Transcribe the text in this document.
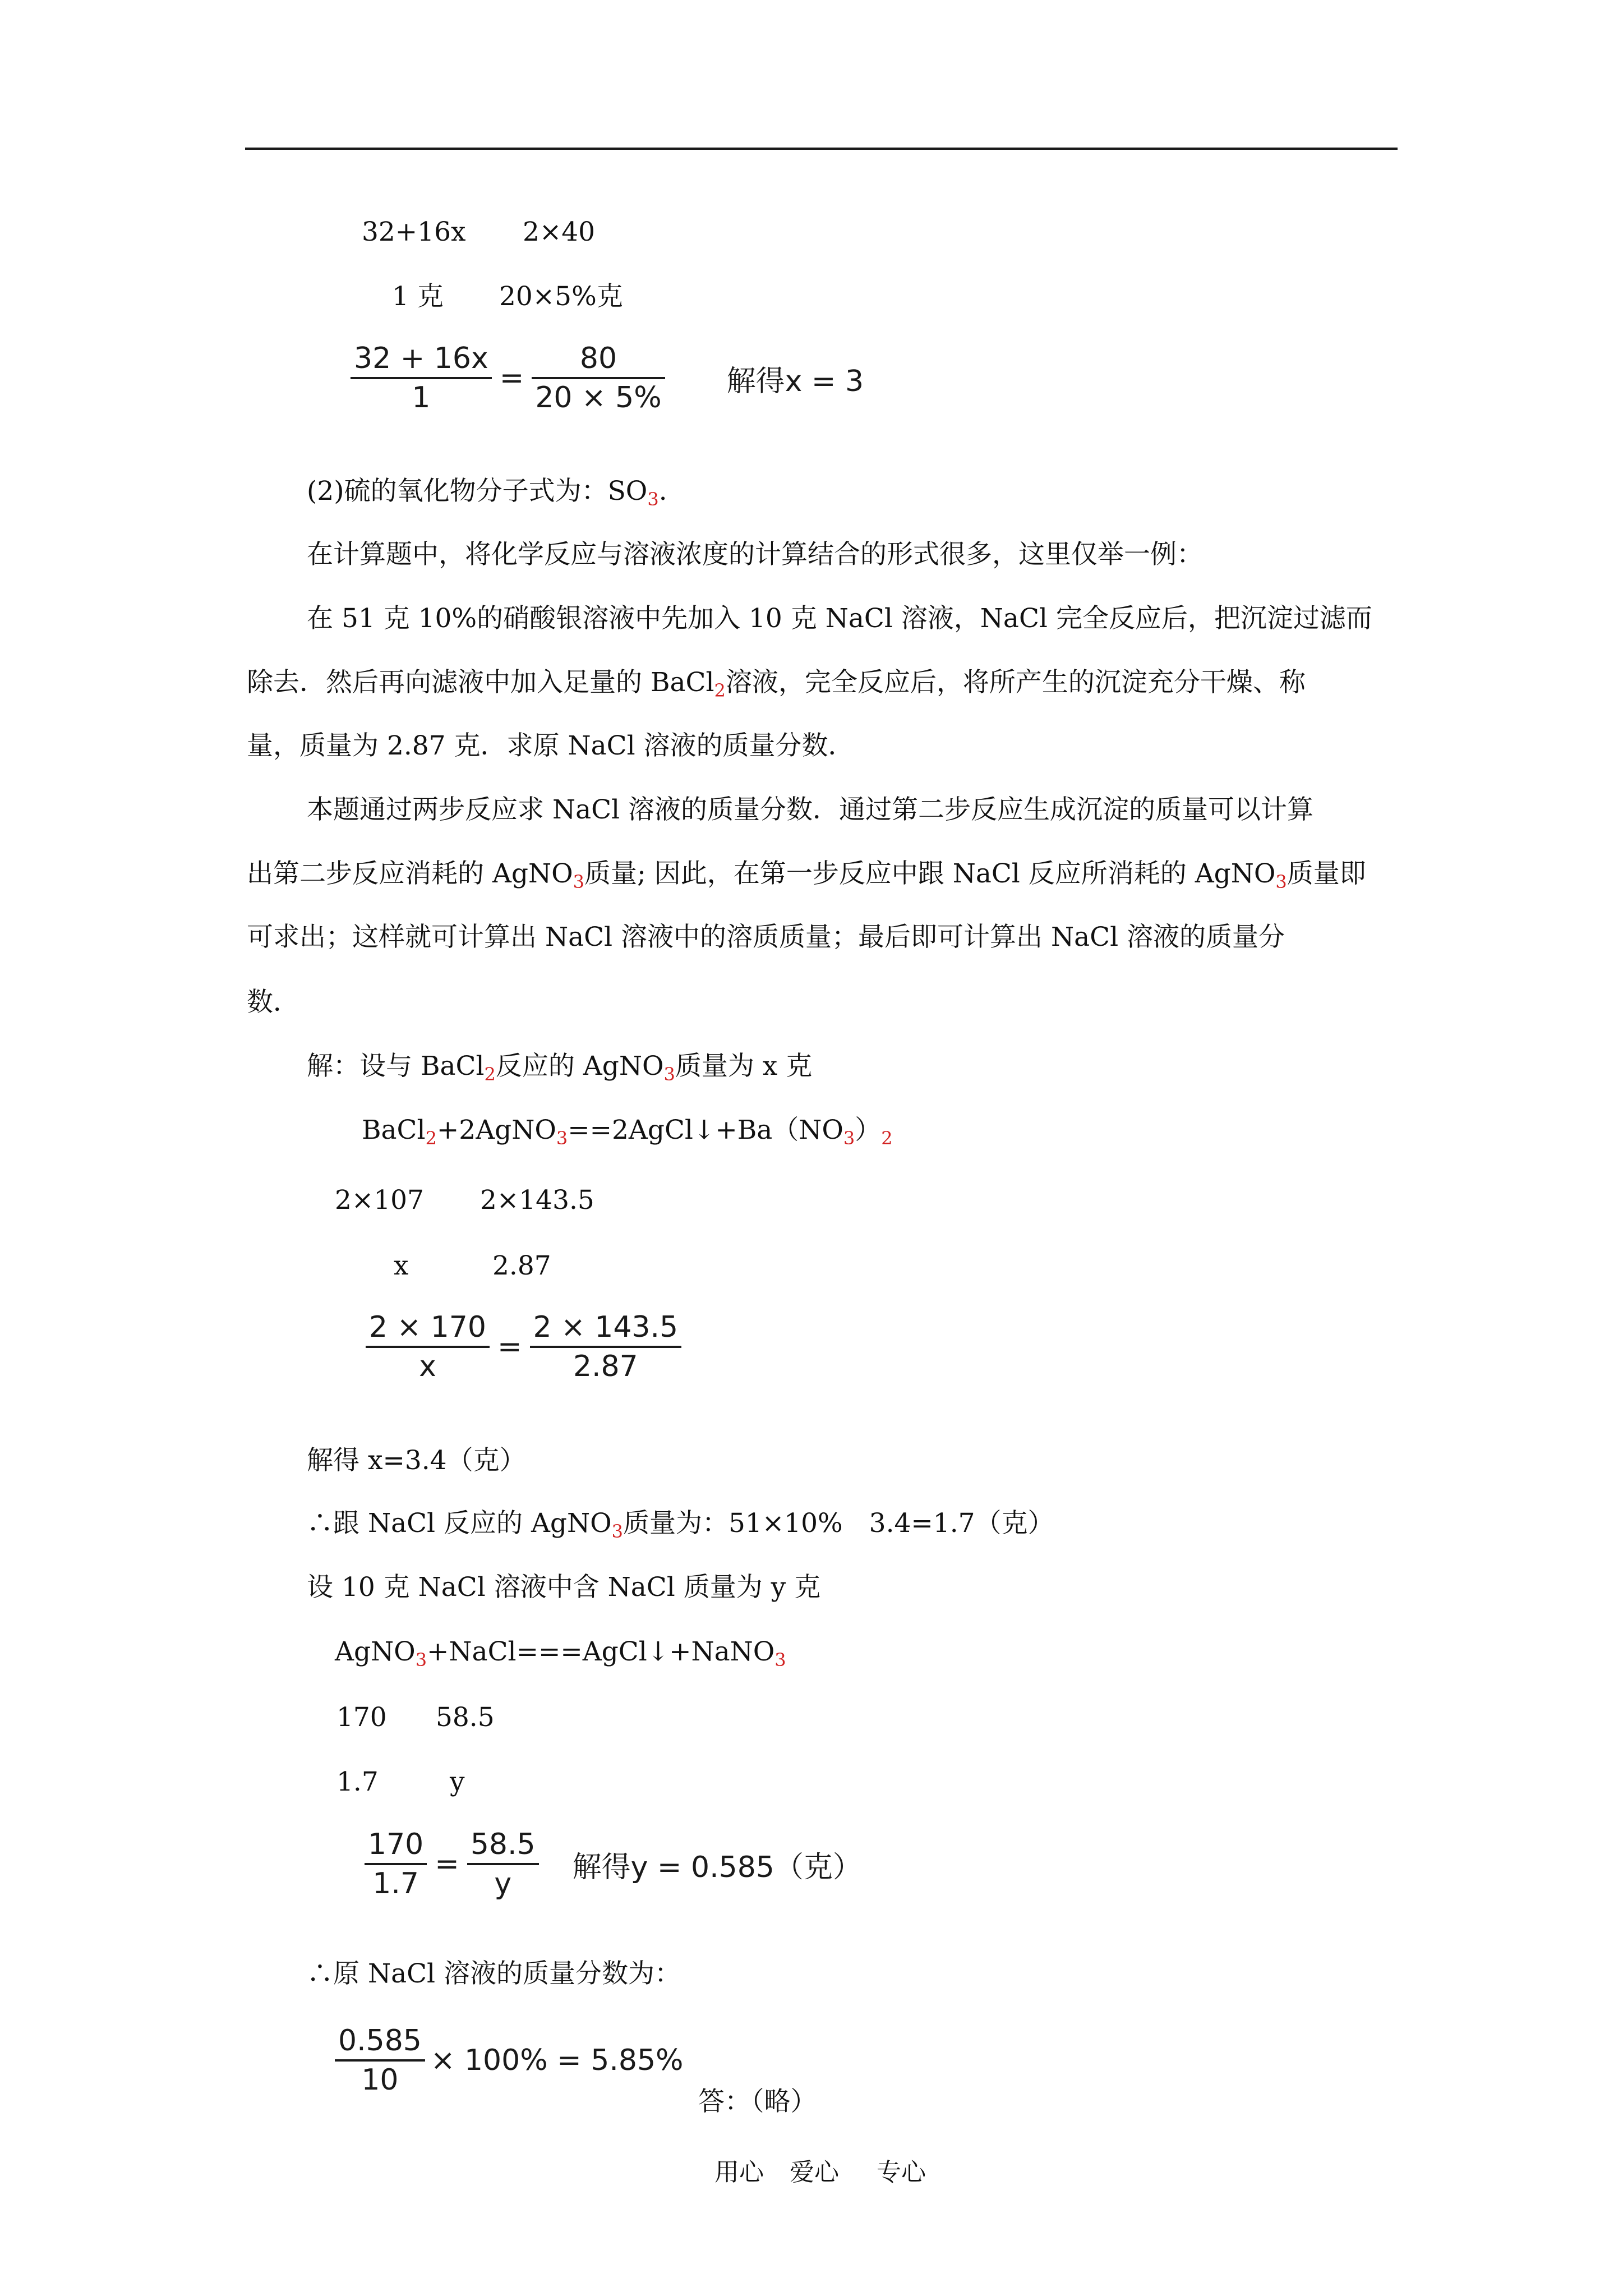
32+16x 2×40
1 克 20×5%克
$\frac{32 + 16x}{1} = \frac{80}{20 \times 5\%}$ 解得x = 3
(2)硫的氧化物分子式为：$SO_3$.
在计算题中，将化学反应与溶液浓度的计算结合的形式很多，这里仅举一例：
在 51 克 10%的硝酸银溶液中先加入 10 克 NaCl 溶液，NaCl 完全反应后，把沉淀过滤而
除去．然后再向滤液中加入足量的 BaCl$_2$溶液，完全反应后，将所产生的沉淀充分干燥、称
量，质量为 2.87 克．求原 NaCl 溶液的质量分数．
本题通过两步反应求 NaCl 溶液的质量分数．通过第二步反应生成沉淀的质量可以计算
出第二步反应消耗的 AgNO$_3$质量; 因此，在第一步反应中跟 NaCl 反应所消耗的 AgNO$_3$质量即
可求出；这样就可计算出 NaCl 溶液中的溶质质量；最后即可计算出 NaCl 溶液的质量分
数．
解：设与 BaCl$_2$反应的 AgNO$_3$质量为 x 克
$BaCl_2+2AgNO_3==2AgCl↓+Ba(NO_3)_2$
2×107 2×143.5
x	2.87
$\frac{2 \times 170}{x} = \frac{2 \times 143.5}{2.87}$
解得 x=3.4（克）
∴跟 NaCl 反应的 AgNO$_3$质量为：51×10%　3.4=1.7（克）
设 10 克 NaCl 溶液中含 NaCl 质量为 y 克
AgNO$_3$+NaCl===AgCl↓+NaNO$_3$
170 58.5
1.7	y
$\frac{170}{1.7} = \frac{58.5}{y}$ 解得y = 0.585（克）
∴原 NaCl 溶液的质量分数为：
$\frac{0.585}{10} \times 100\% = 5.85\%$
答：（略）
用心 爱心 专心
